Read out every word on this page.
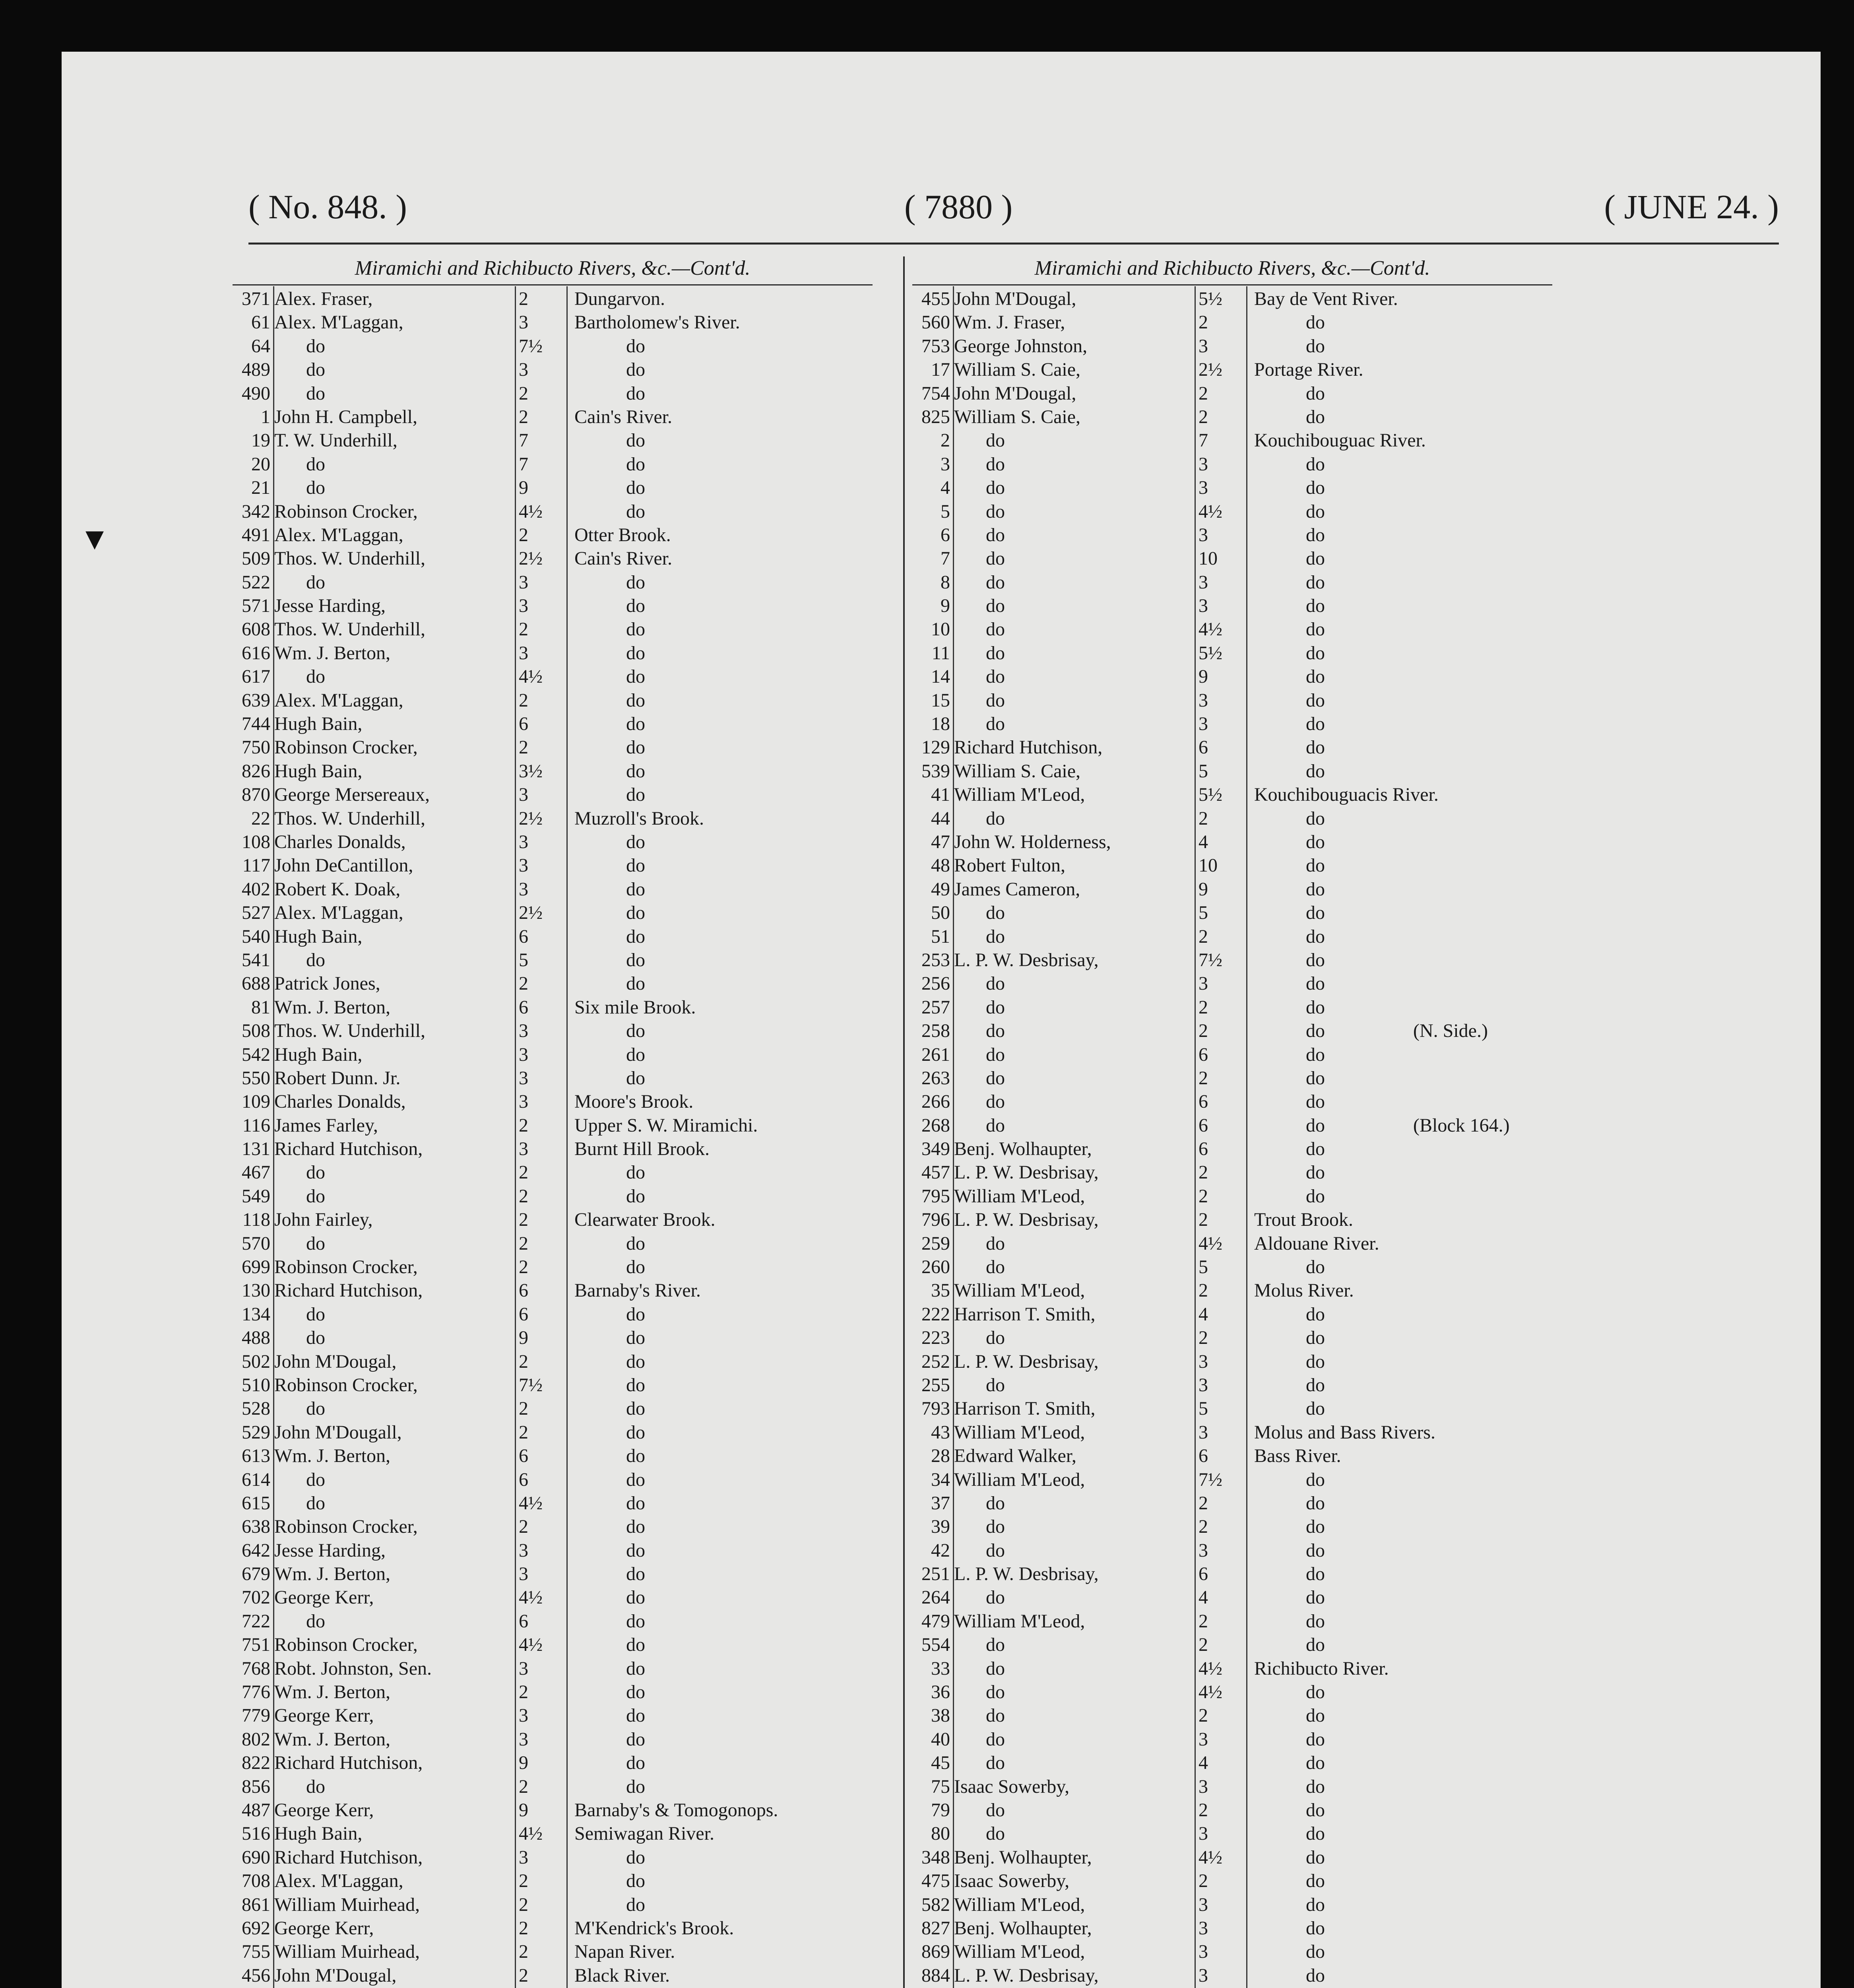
( No. 848. )	( 7880 )	( JUNE 24. )
Miramichi and Richibucto Rivers, &c.—Cont'd.
371 Alex. Fraser,	2 Dungarvon.
61 Alex. M'Laggan,	3 Bartholomew's River.
64 do	7½	do
489 do	3	do
490 do	2	do
1 John H. Campbell,	2 Cain's River.
19 T. W. Underhill,	7	do
20 do	7	do
21 do	9	do
342 Robinson Crocker,	4½	do
491 Alex. M'Laggan,	2 Otter Brook.
509 Thos. W. Underhill,	2½ Cain's River.
522 do	3	do
571 Jesse Harding,	3	do
608 Thos. W. Underhill,	2	do
616 Wm. J. Berton,	3	do
617 do	4½	do
639 Alex. M'Laggan,	2	do
744 Hugh Bain,	6	do
750 Robinson Crocker,	2	do
826 Hugh Bain,	3½	do
870 George Mersereaux,	3	do
22 Thos. W. Underhill,	2½ Muzroll's Brook.
108 Charles Donalds,	3	do
117 John DeCantillon,	3	do
402 Robert K. Doak,	3	do
527 Alex. M'Laggan,	2½	do
540 Hugh Bain,	6	do
541 do	5	do
688 Patrick Jones,	2	do
81 Wm. J. Berton,	6 Six mile Brook.
508 Thos. W. Underhill,	3	do
542 Hugh Bain,	3	do
550 Robert Dunn. Jr.	3	do
109 Charles Donalds,	3 Moore's Brook.
116 James Farley,	2 Upper S. W. Miramichi.
131 Richard Hutchison,	3 Burnt Hill Brook.
467 do	2	do
549 do	2	do
118 John Fairley,	2 Clearwater Brook.
570 do	2	do
699 Robinson Crocker,	2	do
130 Richard Hutchison,	6 Barnaby's River.
134 do	6	do
488 do	9	do
502 John M'Dougal,	2	do
510 Robinson Crocker,	7½	do
528 do	2	do
529 John M'Dougall,	2	do
613 Wm. J. Berton,	6	do
614 do	6	do
615 do	4½	do
638 Robinson Crocker,	2	do
642 Jesse Harding,	3	do
679 Wm. J. Berton,	3	do
702 George Kerr,	4½	do
722 do	6	do
751 Robinson Crocker,	4½	do
768 Robt. Johnston, Sen.	3	do
776 Wm. J. Berton,	2	do
779 George Kerr,	3	do
802 Wm. J. Berton,	3	do
822 Richard Hutchison,	9	do
856 do	2	do
487 George Kerr,	9 Barnaby's & Tomogonops.
516 Hugh Bain,	4½ Semiwagan River.
690 Richard Hutchison,	3	do
708 Alex. M'Laggan,	2	do
861 William Muirhead,	2	do
692 George Kerr,	2 M'Kendrick's Brook.
755 William Muirhead,	2 Napan River.
456 John M'Dougal,	2 Black River.
Miramichi and Richibucto Rivers, &c.—Cont'd.
455 John M'Dougal,	5½ Bay de Vent River.
560 Wm. J. Fraser,	2	do
753 George Johnston,	3	do
17 William S. Caie,	2½ Portage River.
754 John M'Dougal,	2	do
825 William S. Caie,	2	do
2 do	7 Kouchibouguac River.
3 do	3	do
4 do	3	do
5 do	4½	do
6 do	3	do
7 do	10	do
8 do	3	do
9 do	3	do
10 do	4½	do
11 do	5½	do
14 do	9	do
15 do	3	do
18 do	3	do
129 Richard Hutchison,	6	do
539 William S. Caie,	5	do
41 William M'Leod,	5½ Kouchibouguacis River.
44 do	2	do
47 John W. Holderness,	4	do
48 Robert Fulton,	10	do
49 James Cameron,	9	do
50 do	5	do
51 do	2	do
253 L. P. W. Desbrisay,	7½	do
256 do	3	do
257 do	2	do
258 do	2	do	(N. Side.)
261 do	6	do
263 do	2	do
266 do	6	do
268 do	6	do	(Block 164.)
349 Benj. Wolhaupter,	6	do
457 L. P. W. Desbrisay,	2	do
795 William M'Leod,	2	do
796 L. P. W. Desbrisay,	2 Trout Brook.
259 do	4½ Aldouane River.
260 do	5	do
35 William M'Leod,	2 Molus River.
222 Harrison T. Smith,	4	do
223 do	2	do
252 L. P. W. Desbrisay,	3	do
255 do	3	do
793 Harrison T. Smith,	5	do
43 William M'Leod,	3 Molus and Bass Rivers.
28 Edward Walker,	6 Bass River.
34 William M'Leod,	7½	do
37 do	2	do
39 do	2	do
42 do	3	do
251 L. P. W. Desbrisay,	6	do
264 do	4	do
479 William M'Leod,	2	do
554 do	2	do
33 do	4½ Richibucto River.
36 do	4½	do
38 do	2	do
40 do	3	do
45 do	4	do
75 Isaac Sowerby,	3	do
79 do	2	do
80 do	3	do
348 Benj. Wolhaupter,	4½	do
475 Isaac Sowerby,	2	do
582 William M'Leod,	3	do
827 Benj. Wolhaupter,	3	do
869 William M'Leod,	3	do
884 L. P. W. Desbrisay,	3	do
▼
